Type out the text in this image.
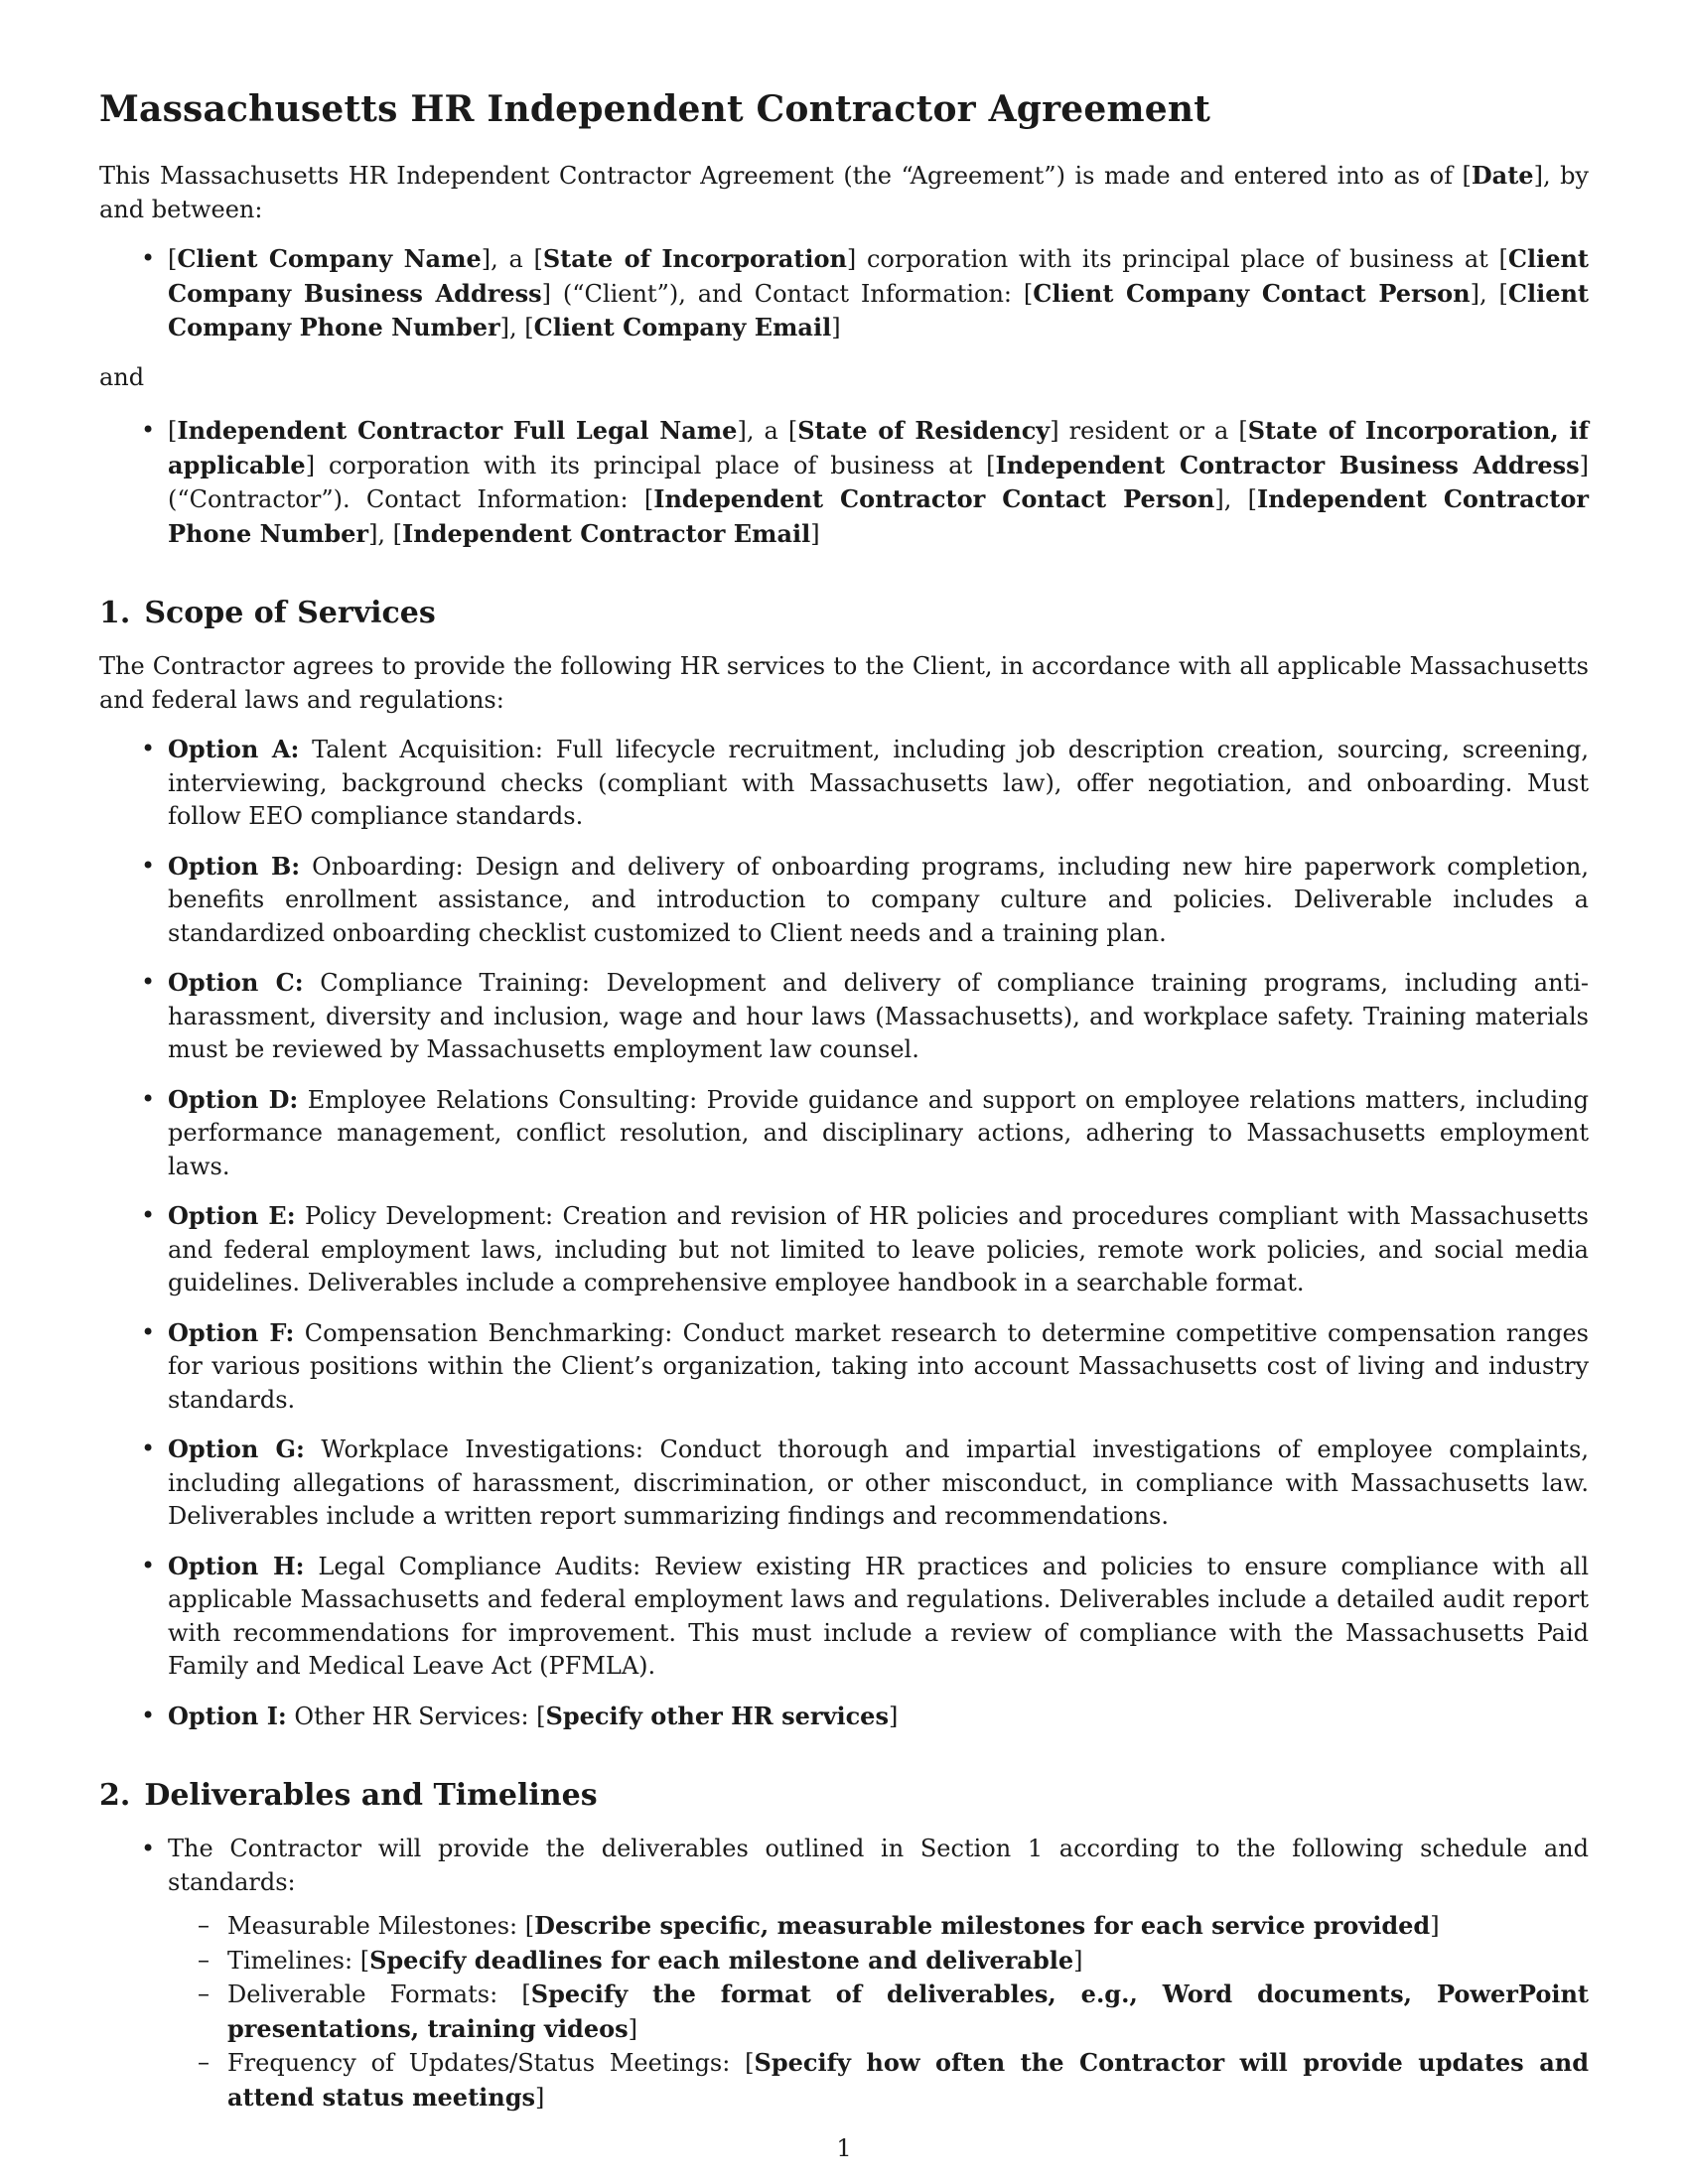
Massachusetts HR Independent Contractor Agreement

This Massachusetts HR Independent Contractor Agreement (the “Agreement”) is made and entered into as of [Date], by and between:

• [Client Company Name], a [State of Incorporation] corporation with its principal place of business at [Client Company Business Address] (“Client”), and Contact Information: [Client Company Contact Person], [Client Company Phone Number], [Client Company Email]
and
• [Independent Contractor Full Legal Name], a [State of Residency] resident or a [State of Incorporation, if applicable] corporation with its principal place of business at [Independent Contractor Business Address] (“Contractor”). Contact Information: [Independent Contractor Contact Person], [Independent Contractor Phone Number], [Independent Contractor Email]
1. Scope of Services

The Contractor agrees to provide the following HR services to the Client, in accordance with all applicable Massachusetts and federal laws and regulations:

• Option A: Talent Acquisition: Full lifecycle recruitment, including job description creation, sourcing, screening, interviewing, background checks (compliant with Massachusetts law), offer negotiation, and onboarding. Must follow EEO compliance standards.
• Option B: Onboarding: Design and delivery of onboarding programs, including new hire paperwork completion, benefits enrollment assistance, and introduction to company culture and policies. Deliverable includes a standardized onboarding checklist customized to Client needs and a training plan.
• Option C: Compliance Training: Development and delivery of compliance training programs, including anti-harassment, diversity and inclusion, wage and hour laws (Massachusetts), and workplace safety. Training materials must be reviewed by Massachusetts employment law counsel.
• Option D: Employee Relations Consulting: Provide guidance and support on employee relations matters, including performance management, conflict resolution, and disciplinary actions, adhering to Massachusetts employment laws.
• Option E: Policy Development: Creation and revision of HR policies and procedures compliant with Massachusetts and federal employment laws, including but not limited to leave policies, remote work policies, and social media guidelines. Deliverables include a comprehensive employee handbook in a searchable format.
• Option F: Compensation Benchmarking: Conduct market research to determine competitive compensation ranges for various positions within the Client’s organization, taking into account Massachusetts cost of living and industry standards.
• Option G: Workplace Investigations: Conduct thorough and impartial investigations of employee complaints, including allegations of harassment, discrimination, or other misconduct, in compliance with Massachusetts law. Deliverables include a written report summarizing findings and recommendations.
• Option H: Legal Compliance Audits: Review existing HR practices and policies to ensure compliance with all applicable Massachusetts and federal employment laws and regulations. Deliverables include a detailed audit report with recommendations for improvement. This must include a review of compliance with the Massachusetts Paid Family and Medical Leave Act (PFMLA).
• Option I: Other HR Services: [Specify other HR services]
2. Deliverables and Timelines
• The Contractor will provide the deliverables outlined in Section 1 according to the following schedule and standards:
– Measurable Milestones: [Describe specific, measurable milestones for each service provided]
– Timelines: [Specify deadlines for each milestone and deliverable]
– Deliverable Formats: [Specify the format of deliverables, e.g., Word documents, PowerPoint presentations, training videos]
– Frequency of Updates/Status Meetings: [Specify how often the Contractor will provide updates and attend status meetings]
1
